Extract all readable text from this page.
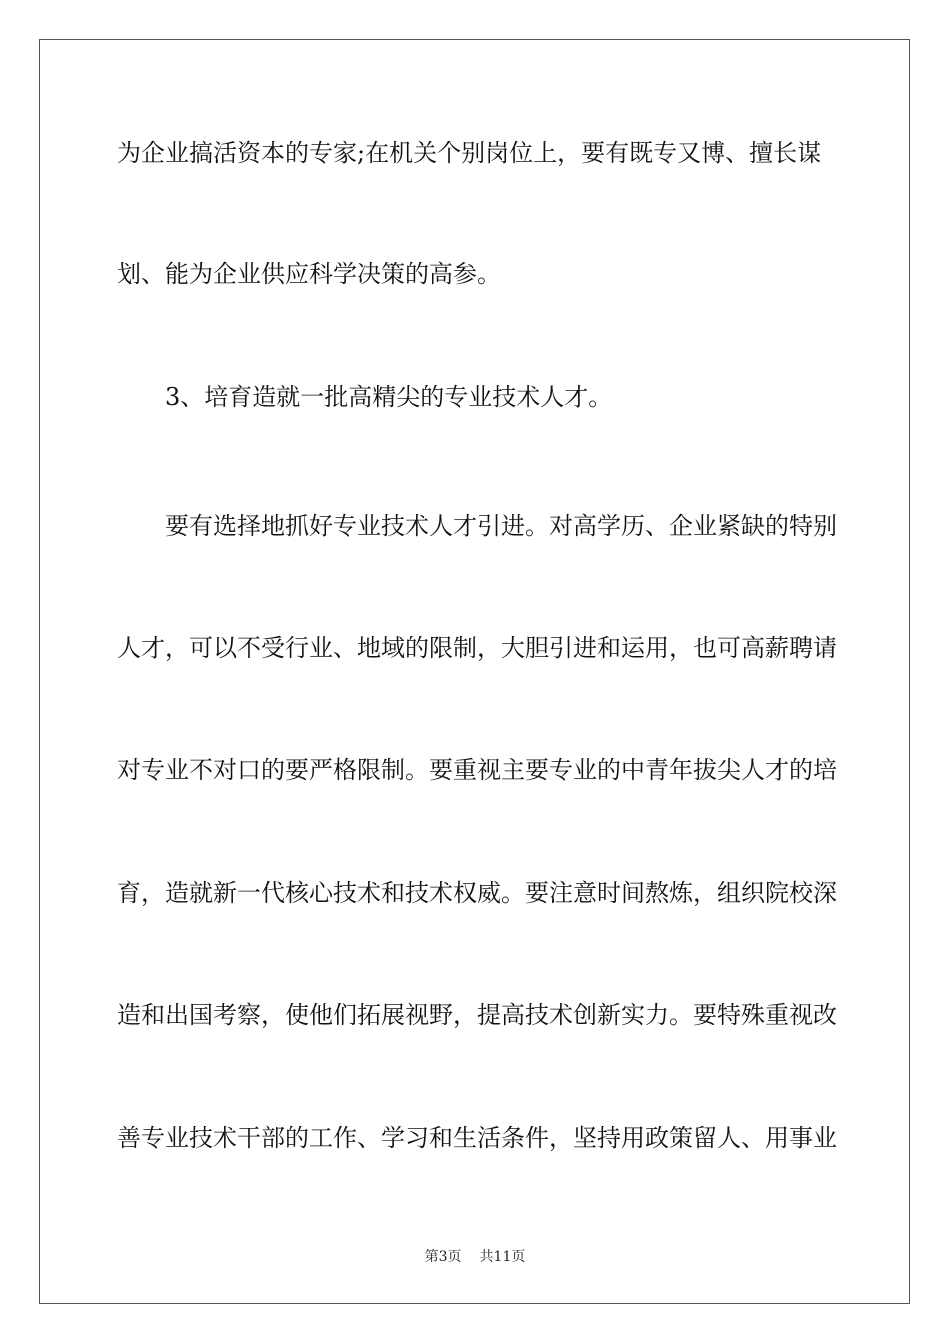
为企业搞活资本的专家;在机关个别岗位上，要有既专又博、擅长谋
划、能为企业供应科学决策的高参。
3、培育造就一批高精尖的专业技术人才。
要有选择地抓好专业技术人才引进。对高学历、企业紧缺的特别
人才，可以不受行业、地域的限制，大胆引进和运用，也可高薪聘请
对专业不对口的要严格限制。要重视主要专业的中青年拔尖人才的培
育，造就新一代核心技术和技术权威。要注意时间熬炼，组织院校深
造和出国考察，使他们拓展视野，提高技术创新实力。要特殊重视改
善专业技术干部的工作、学习和生活条件，坚持用政策留人、用事业
第3页 共11页
